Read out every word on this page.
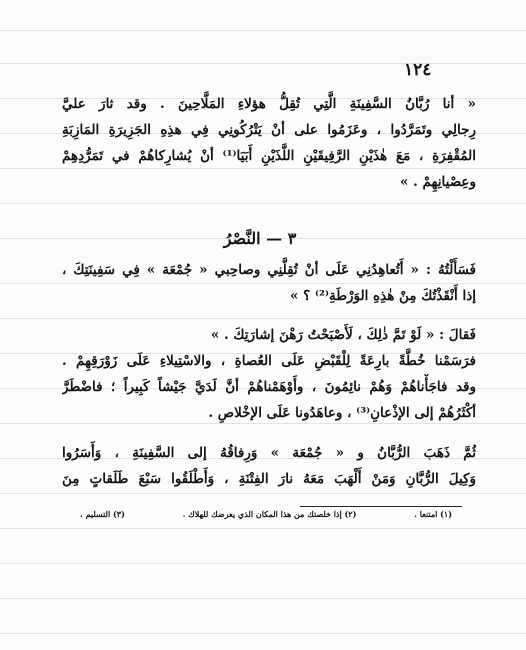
١٢٤
« أنا رُبَّانُ السَّفِينَةِ الَّتِي تُقِلُّ هؤلاءِ المَلَّاحِينَ . وقد ثارَ عليَّ
رِجالِي وتَمَرَّدُوا ، وعَزَمُوا على أنْ يَتْرُكُونِي فِي هذِهِ الجَزِيرَةِ المَازِبَةِ
المُقْفِرَةِ ، مَعَ هٰذَيْنِ الرَّفِيقَيْنِ اللَّذَيْنِ أَبَيَا⁽¹⁾ أنْ يُشارِكاهُمْ في تَمَرُّدِهِمْ
وعِصْيانِهِمْ . »
٣ — النَّصْرُ
فَسَأَلْتُهُ : « أَتُعاهِدُنِي عَلَى أنْ تُقِلَّنِي وصاحِبي « جُمْعَة » فِي سَفِينَتِكَ ،
إذا أَنْقَذْتُكَ مِنْ هٰذِهِ الوَرْطَةِ⁽²⁾ ؟ »
فَقالَ : « لَوْ تَمَّ ذٰلِكَ ، لَأَصْبَحْتُ رَهْنَ إشارَتِكَ . »
فرَسَمْنا خُطَّةً بارِعَةً لِلْقَبْضِ عَلَى العُصاةِ ، والاسْتِيلاءِ عَلَى زَوْرَقِهِمْ .
وقد فاجَأْناهُمْ وَهُمْ نائِمُونَ ، وأَوْهَمْناهُمْ أنَّ لَدَيَّ جَيْشاً كَبِيراً ؛ فاضْطَرَّ
أكْثَرُهُمْ إلى الإذْعانِ⁽³⁾ ، وعاهَدُونا عَلَى الإخْلاصِ .
ثُمَّ ذَهَبَ الرُّبَّانُ و « جُمْعَة » وَرِفاقُهُ إلى السَّفِينَةِ ، وَأَسَرُوا
وَكِيلَ الرُّبَّانِ وَمَنْ أَلْهَبَ مَعَهُ نارَ الفِتْنَةِ ، وَأَطْلَقُوا سَبْعَ طَلَقاتٍ مِنَ
(١) امتنعا .
(٢) إذا خلصتك من هذا المكان الذي يعرضك للهلاك .
(٣) التسليم .
